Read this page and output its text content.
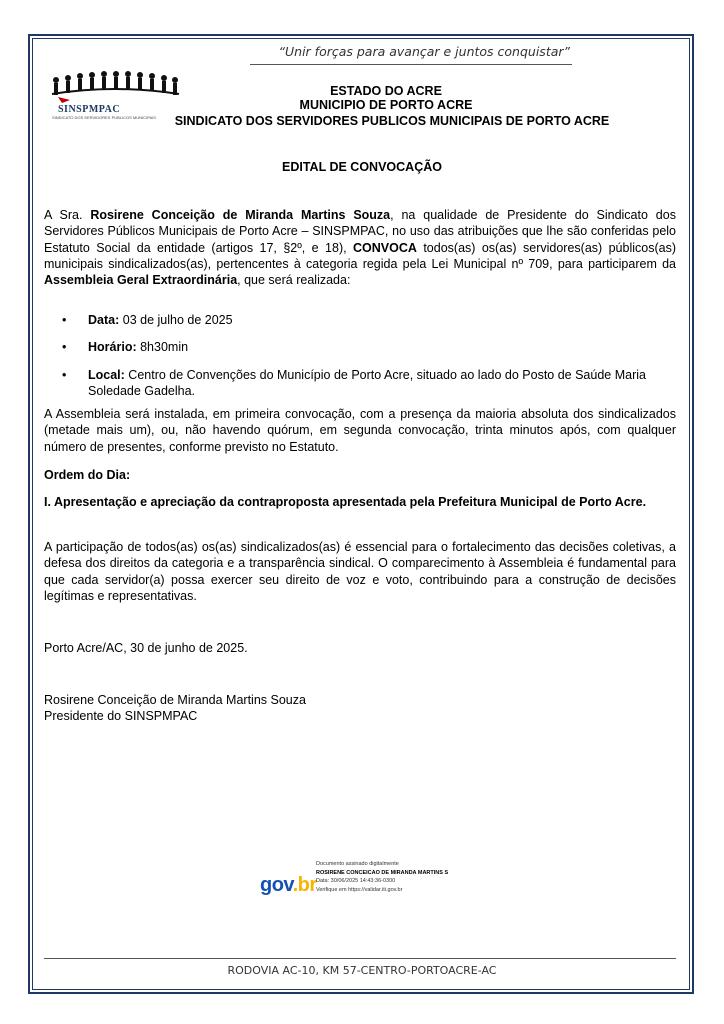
“Unir forças para avançar e juntos conquistar”
SINSPMPAC
SINDICATO DOS SERVIDORES PUBLICOS MUNICIPAIS
ESTADO DO ACRE
MUNICIPIO DE PORTO ACRE
SINDICATO DOS SERVIDORES PUBLICOS MUNICIPAIS DE PORTO ACRE
EDITAL DE CONVOCAÇÃO
A Sra. Rosirene Conceição de Miranda Martins Souza, na qualidade de Presidente do Sindicato dos Servidores Públicos Municipais de Porto Acre – SINSPMPAC, no uso das atribuições que lhe são conferidas pelo Estatuto Social da entidade (artigos 17, §2º, e 18), CONVOCA todos(as) os(as) servidores(as) públicos(as) municipais sindicalizados(as), pertencentes à categoria regida pela Lei Municipal nº 709, para participarem da Assembleia Geral Extraordinária, que será realizada:
• Data: 03 de julho de 2025
• Horário: 8h30min
• Local: Centro de Convenções do Município de Porto Acre, situado ao lado do Posto de Saúde Maria Soledade Gadelha.
A Assembleia será instalada, em primeira convocação, com a presença da maioria absoluta dos sindicalizados (metade mais um), ou, não havendo quórum, em segunda convocação, trinta minutos após, com qualquer número de presentes, conforme previsto no Estatuto.
Ordem do Dia:
I. Apresentação e apreciação da contraproposta apresentada pela Prefeitura Municipal de Porto Acre.
A participação de todos(as) os(as) sindicalizados(as) é essencial para o fortalecimento das decisões coletivas, a defesa dos direitos da categoria e a transparência sindical. O comparecimento à Assembleia é fundamental para que cada servidor(a) possa exercer seu direito de voz e voto, contribuindo para a construção de decisões legítimas e representativas.
Porto Acre/AC, 30 de junho de 2025.
Rosirene Conceição de Miranda Martins Souza
Presidente do SINSPMPAC
gov.br
Documento assinado digitalmente
ROSIRENE CONCEICAO DE MIRANDA MARTINS S
Data: 30/06/2025 14:43:36-0300
Verifique em https://validar.iti.gov.br
RODOVIA AC-10, KM 57-CENTRO-PORTOACRE-AC
